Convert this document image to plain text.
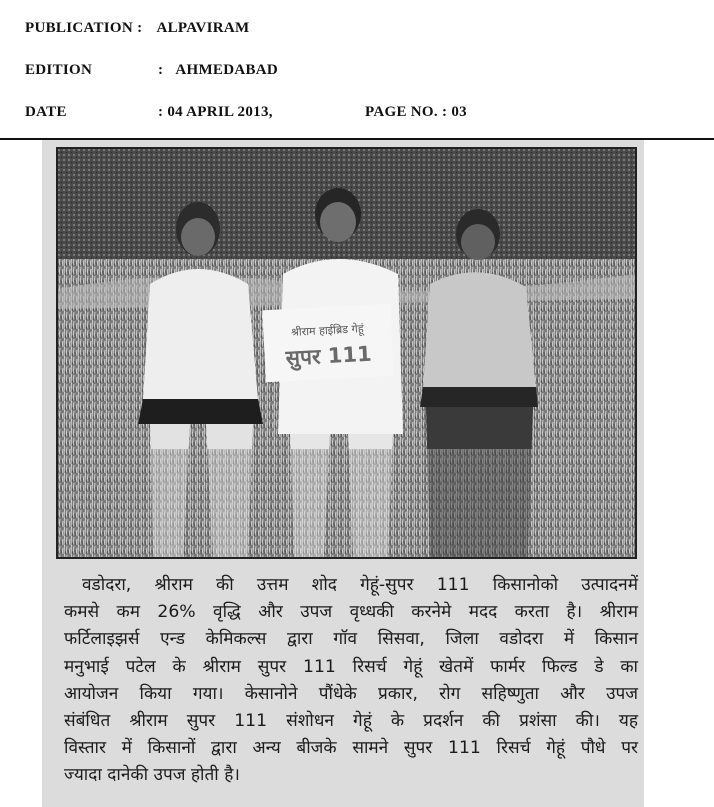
PUBLICATION : ALPAVIRAM
EDITION	: AHMEDABAD
DATE	: 04 APRIL 2013,	PAGE NO. : 03
श्रीराम हाईब्रिड गेहूं
सुपर 111
वडोदरा, श्रीराम की उत्तम शोद गेहूं-सुपर 111 किसानोको उत्पादनमें
कमसे कम 26% वृद्धि और उपज वृध्धकी करनेमे मदद करता है। श्रीराम
फर्टिलाइझर्स एन्ड केमिकल्स द्वारा गॉव सिसवा, जिला वडोदरा में किसान
मनुभाई पटेल के श्रीराम सुपर 111 रिसर्च गेहूं खेतमें फार्मर फिल्ड डे का
आयोजन किया गया। केसानोने पौंधेके प्रकार, रोग सहिष्णुता और उपज
संबंधित श्रीराम सुपर 111 संशोधन गेहूं के प्रदर्शन की प्रशंसा की। यह
विस्तार में किसानों द्वारा अन्य बीजके सामने सुपर 111 रिसर्च गेहूं पौधे पर
ज्यादा दानेकी उपज होती है।
